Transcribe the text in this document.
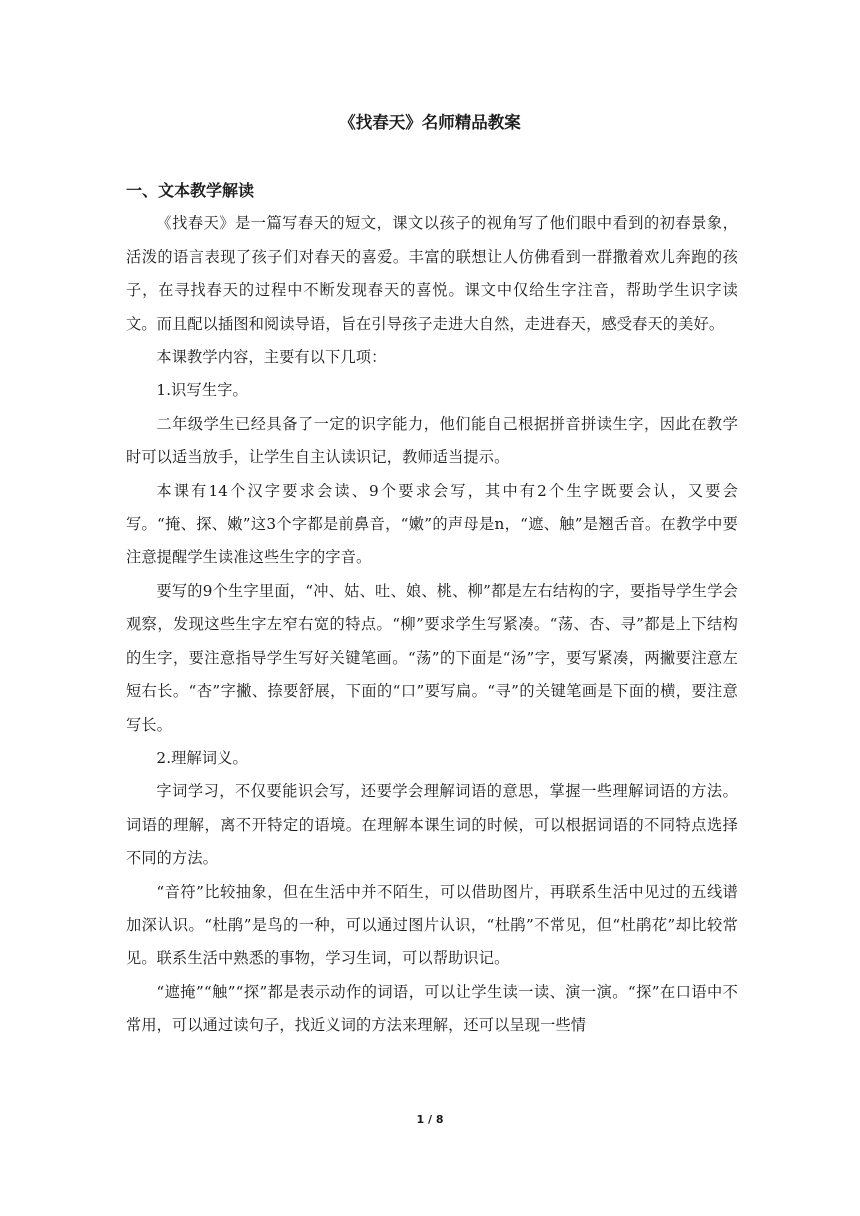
《找春天》名师精品教案
一、文本教学解读

《找春天》是一篇写春天的短文，课文以孩子的视角写了他们眼中看到的初春景象，活泼的语言表现了孩子们对春天的喜爱。丰富的联想让人仿佛看到一群撒着欢儿奔跑的孩子，在寻找春天的过程中不断发现春天的喜悦。课文中仅给生字注音，帮助学生识字读文。而且配以插图和阅读导语，旨在引导孩子走进大自然，走进春天，感受春天的美好。

本课教学内容，主要有以下几项：

1.识写生字。

二年级学生已经具备了一定的识字能力，他们能自己根据拼音拼读生字，因此在教学时可以适当放手，让学生自主认读识记，教师适当提示。

本课有14个汉字要求会读、9个要求会写，其中有2个生字既要会认，又要会写。“掩、探、嫩”这3个字都是前鼻音，“嫩”的声母是n，“遮、触”是翘舌音。在教学中要注意提醒学生读准这些生字的字音。

要写的9个生字里面，“冲、姑、吐、娘、桃、柳”都是左右结构的字，要指导学生学会观察，发现这些生字左窄右宽的特点。“柳”要求学生写紧凑。“荡、杏、寻”都是上下结构的生字，要注意指导学生写好关键笔画。“荡”的下面是“汤”字，要写紧凑，两撇要注意左短右长。“杏”字撇、捺要舒展，下面的“口”要写扁。“寻”的关键笔画是下面的横，要注意写长。

2.理解词义。

字词学习，不仅要能识会写，还要学会理解词语的意思，掌握一些理解词语的方法。词语的理解，离不开特定的语境。在理解本课生词的时候，可以根据词语的不同特点选择不同的方法。

“音符”比较抽象，但在生活中并不陌生，可以借助图片，再联系生活中见过的五线谱加深认识。“杜鹃”是鸟的一种，可以通过图片认识，“杜鹃”不常见，但“杜鹃花”却比较常见。联系生活中熟悉的事物，学习生词，可以帮助识记。

“遮掩”“触”“探”都是表示动作的词语，可以让学生读一读、演一演。“探”在口语中不常用，可以通过读句子，找近义词的方法来理解，还可以呈现一些情

1 / 8
